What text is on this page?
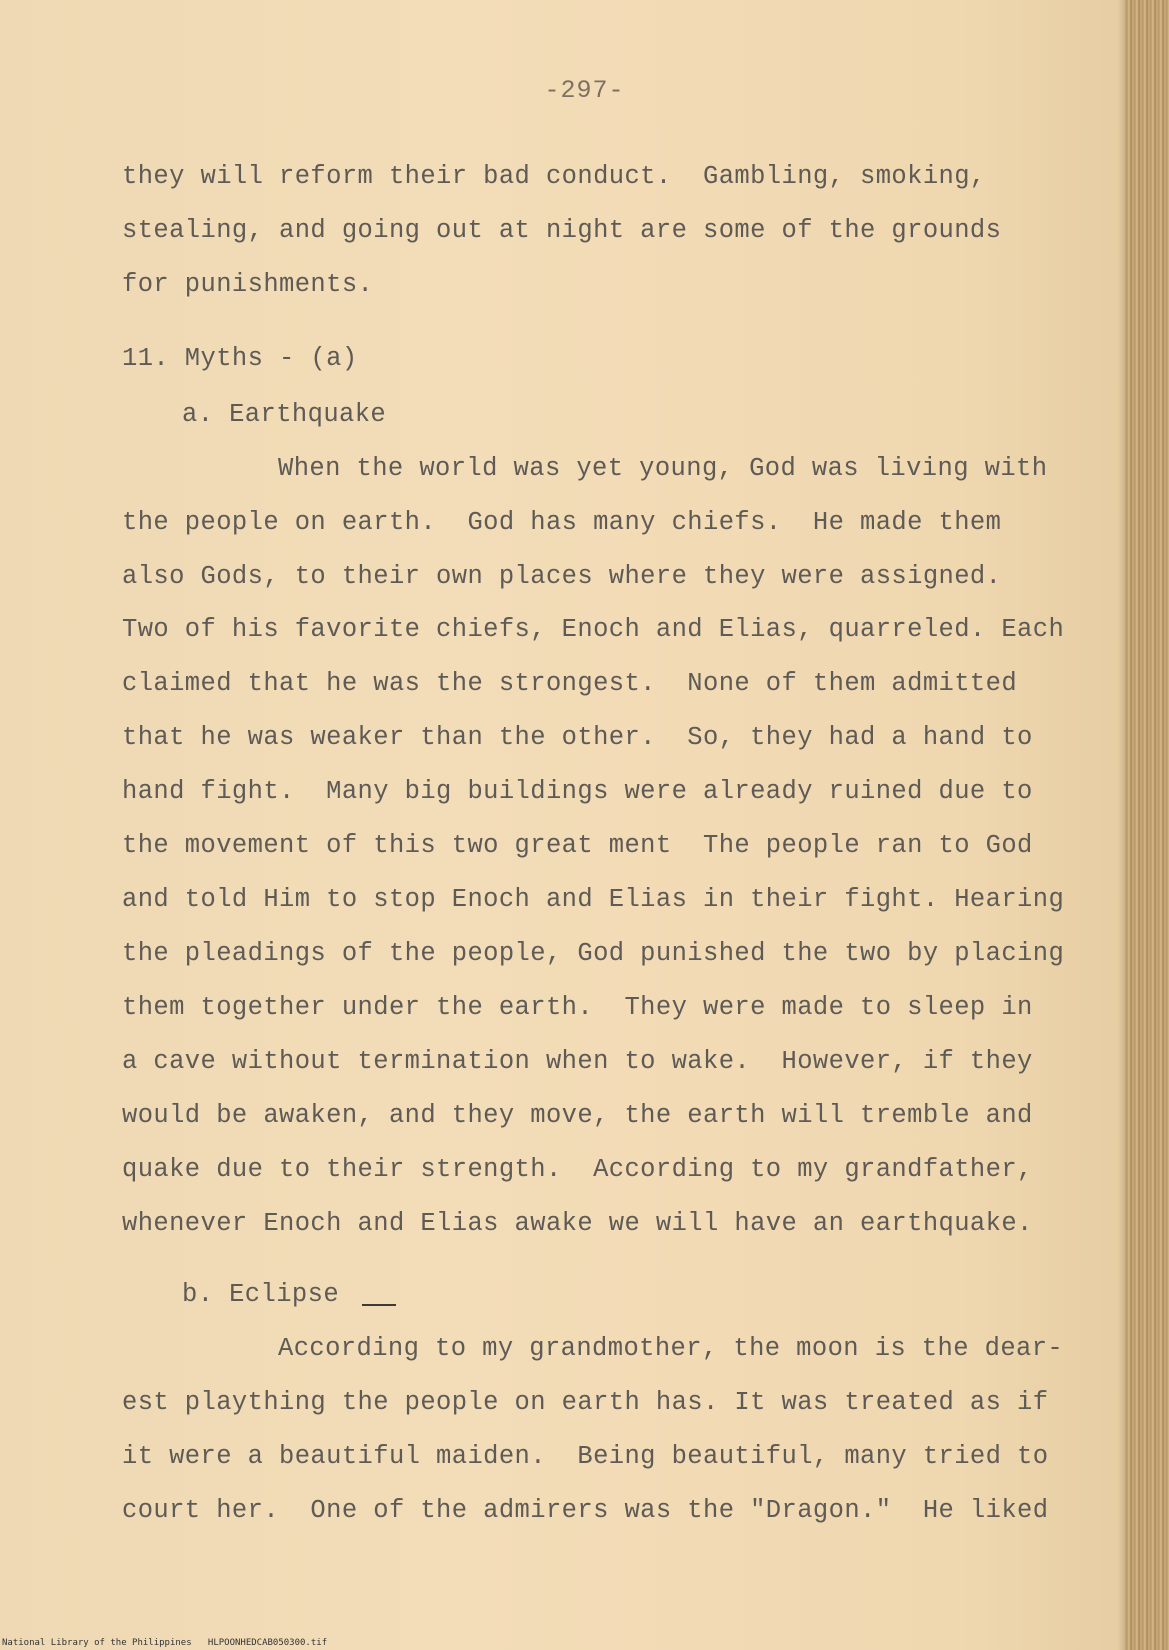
-297-
they will reform their bad conduct.  Gambling, smoking,
stealing, and going out at night are some of the grounds
for punishments.
11. Myths - (a)
a. Earthquake
When the world was yet young, God was living with
the people on earth.  God has many chiefs.  He made them
also Gods, to their own places where they were assigned.
Two of his favorite chiefs, Enoch and Elias, quarreled. Each
claimed that he was the strongest.  None of them admitted
that he was weaker than the other.  So, they had a hand to
hand fight.  Many big buildings were already ruined due to
the movement of this two great ment  The people ran to God
and told Him to stop Enoch and Elias in their fight. Hearing
the pleadings of the people, God punished the two by placing
them together under the earth.  They were made to sleep in
a cave without termination when to wake.  However, if they
would be awaken, and they move, the earth will tremble and
quake due to their strength.  According to my grandfather,
whenever Enoch and Elias awake we will have an earthquake.
b. Eclipse
According to my grandmother, the moon is the dear-
est plaything the people on earth has. It was treated as if
it were a beautiful maiden.  Being beautiful, many tried to
court her.  One of the admirers was the "Dragon."  He liked
National Library of the Philippines   HLPOONHEDCAB050300.tif
